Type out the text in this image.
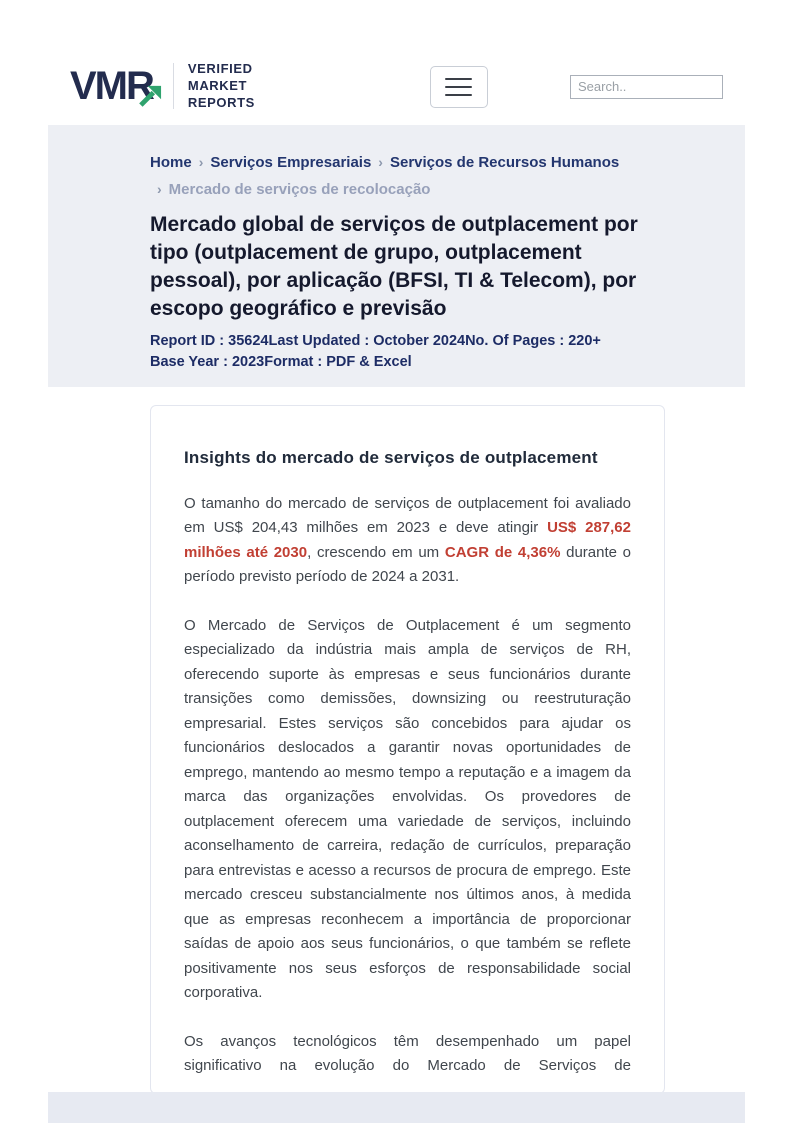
VMR	VERIFIED
MARKET
REPORTS
Search..
Home › Serviços Empresariais › Serviços de Recursos Humanos› Mercado de serviços de recolocação
Mercado global de serviços de outplacement por tipo (outplacement de grupo, outplacement pessoal), por aplicação (BFSI, TI & Telecom), por escopo geográfico e previsão
Report ID : 35624Last Updated : October 2024No. Of Pages : 220+
Base Year : 2023Format : PDF & Excel
Insights do mercado de serviços de outplacement

O tamanho do mercado de serviços de outplacement foi avaliado em US$ 204,43 milhões em 2023 e deve atingir US$ 287,62 milhões até 2030, crescendo em um CAGR de 4,36% durante o período previsto período de 2024 a 2031.

O Mercado de Serviços de Outplacement é um segmento especializado da indústria mais ampla de serviços de RH, oferecendo suporte às empresas e seus funcionários durante transições como demissões, downsizing ou reestruturação empresarial. Estes serviços são concebidos para ajudar os funcionários deslocados a garantir novas oportunidades de emprego, mantendo ao mesmo tempo a reputação e a imagem da marca das organizações envolvidas. Os provedores de outplacement oferecem uma variedade de serviços, incluindo aconselhamento de carreira, redação de currículos, preparação para entrevistas e acesso a recursos de procura de emprego. Este mercado cresceu substancialmente nos últimos anos, à medida que as empresas reconhecem a importância de proporcionar saídas de apoio aos seus funcionários, o que também se reflete positivamente nos seus esforços de responsabilidade social corporativa.

Os avanços tecnológicos têm desempenhado um papel significativo na evolução do Mercado de Serviços de
